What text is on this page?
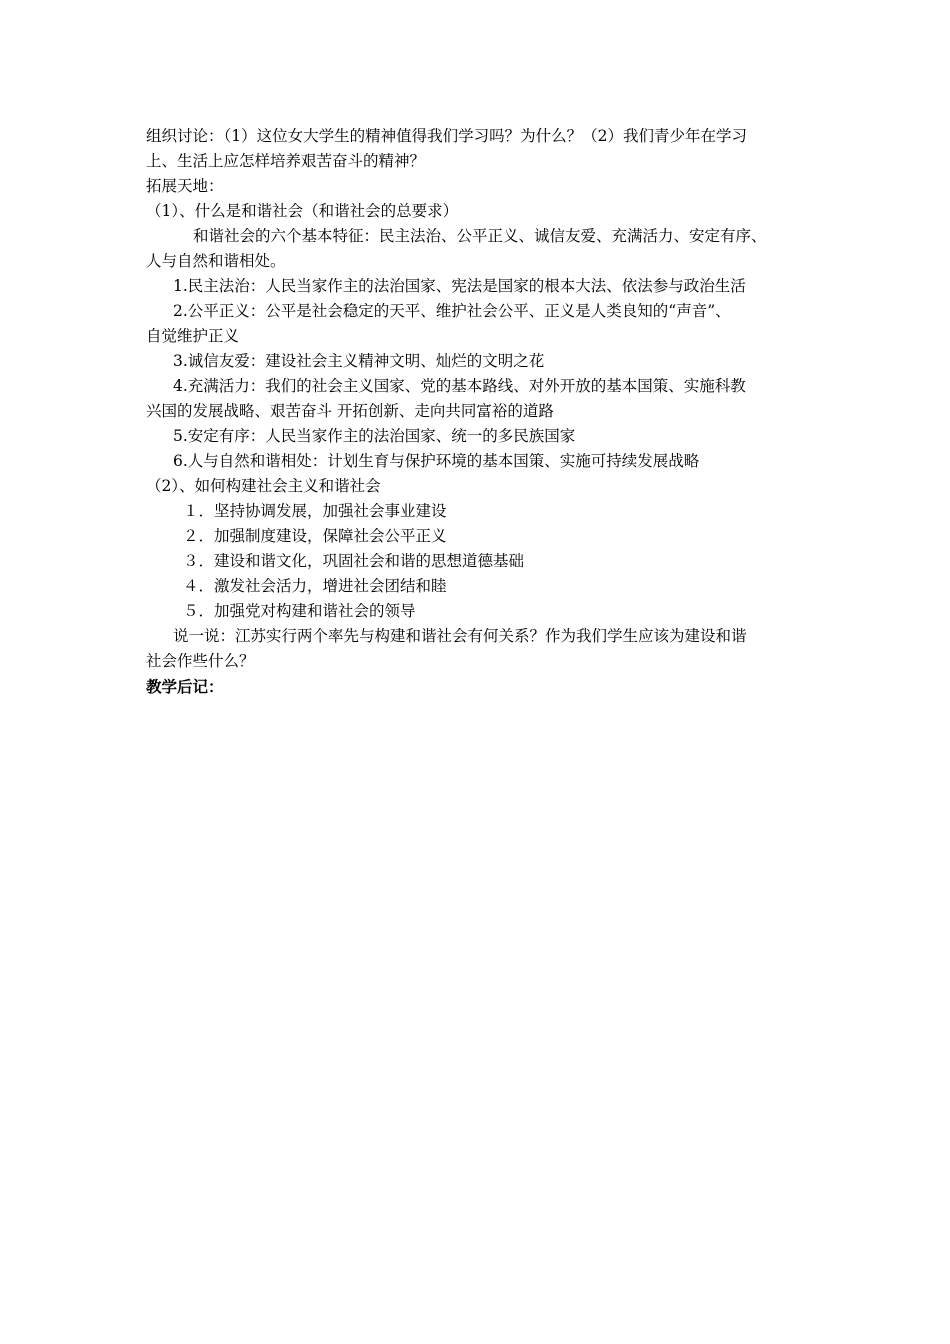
组织讨论：（1）这位女大学生的精神值得我们学习吗？为什么？（2）我们青少年在学习
上、生活上应怎样培养艰苦奋斗的精神？
拓展天地：
（1）、什么是和谐社会（和谐社会的总要求）
和谐社会的六个基本特征：民主法治、公平正义、诚信友爱、充满活力、安定有序、
人与自然和谐相处。
1.民主法治：人民当家作主的法治国家、宪法是国家的根本大法、依法参与政治生活
2.公平正义：公平是社会稳定的天平、维护社会公平、正义是人类良知的“声音”、
自觉维护正义
3.诚信友爱：建设社会主义精神文明、灿烂的文明之花
4.充满活力：我们的社会主义国家、党的基本路线、对外开放的基本国策、实施科教
兴国的发展战略、艰苦奋斗 开拓创新、走向共同富裕的道路
5.安定有序：人民当家作主的法治国家、统一的多民族国家
6.人与自然和谐相处：计划生育与保护环境的基本国策、实施可持续发展战略
（2）、如何构建社会主义和谐社会
１．坚持协调发展，加强社会事业建设
２．加强制度建设，保障社会公平正义
３．建设和谐文化，巩固社会和谐的思想道德基础
４．激发社会活力，增进社会团结和睦
５．加强党对构建和谐社会的领导
说一说：江苏实行两个率先与构建和谐社会有何关系？作为我们学生应该为建设和谐
社会作些什么？
教学后记：
